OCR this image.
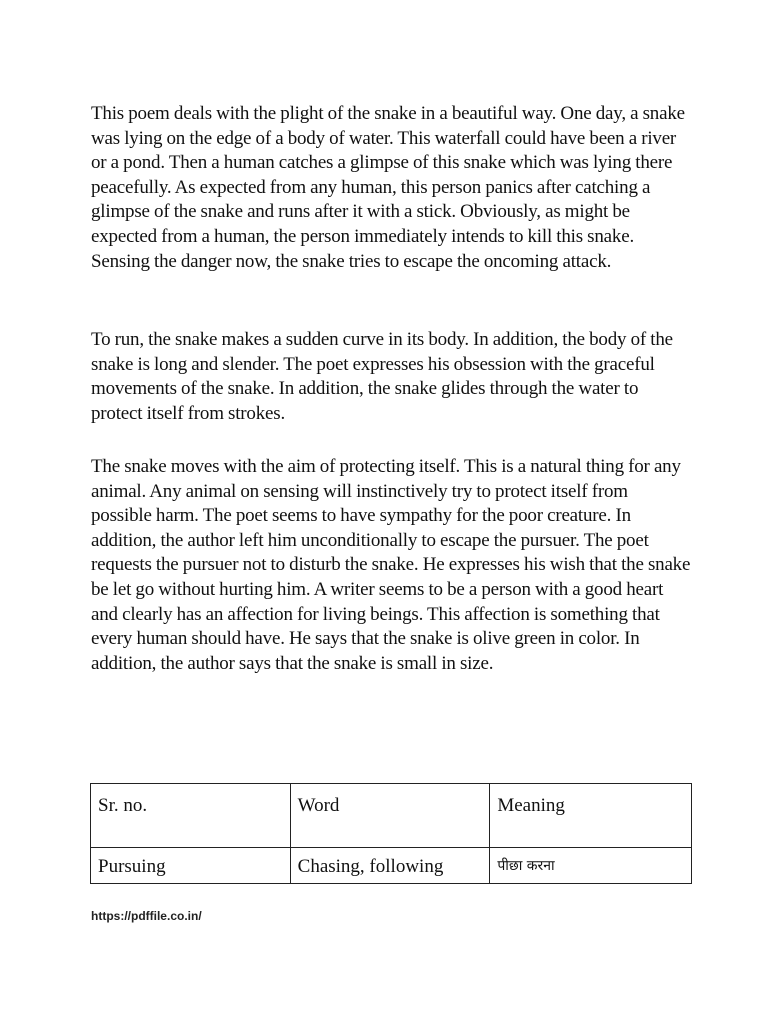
This poem deals with the plight of the snake in a beautiful way. One day, a snake was lying on the edge of a body of water. This waterfall could have been a river or a pond. Then a human catches a glimpse of this snake which was lying there peacefully. As expected from any human, this person panics after catching a glimpse of the snake and runs after it with a stick. Obviously, as might be expected from a human, the person immediately intends to kill this snake. Sensing the danger now, the snake tries to escape the oncoming attack.

To run, the snake makes a sudden curve in its body. In addition, the body of the snake is long and slender. The poet expresses his obsession with the graceful movements of the snake. In addition, the snake glides through the water to protect itself from strokes.

The snake moves with the aim of protecting itself. This is a natural thing for any animal. Any animal on sensing will instinctively try to protect itself from possible harm. The poet seems to have sympathy for the poor creature. In addition, the author left him unconditionally to escape the pursuer. The poet requests the pursuer not to disturb the snake. He expresses his wish that the snake be let go without hurting him. A writer seems to be a person with a good heart and clearly has an affection for living beings. This affection is something that every human should have. He says that the snake is olive green in color. In addition, the author says that the snake is small in size.

Sr. no.	Word	Meaning
Pursuing	Chasing, following	पीछा करना
https://pdffile.co.in/
